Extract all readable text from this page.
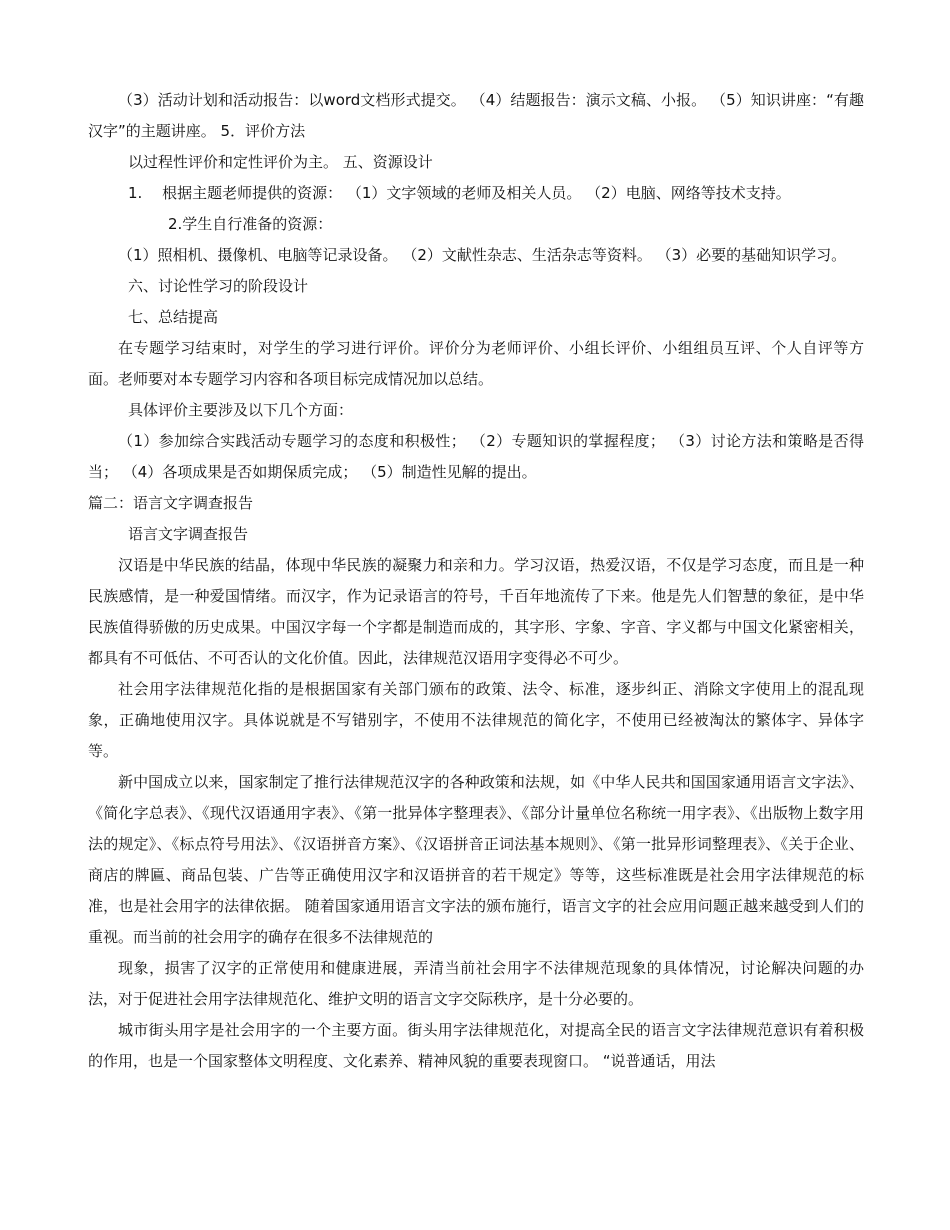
（3）活动计划和活动报告：以word文档形式提交。 （4）结题报告：演示文稿、小报。 （5）知识讲座：“有趣汉字”的主题讲座。 5．评价方法

以过程性评价和定性评价为主。 五、资源设计

1.　 根据主题老师提供的资源： （1）文字领域的老师及相关人员。 （2）电脑、网络等技术支持。

2.学生自行准备的资源：

（1）照相机、摄像机、电脑等记录设备。 （2）文献性杂志、生活杂志等资料。 （3）必要的基础知识学习。

六、讨论性学习的阶段设计

七、总结提高

在专题学习结束时，对学生的学习进行评价。评价分为老师评价、小组长评价、小组组员互评、个人自评等方面。老师要对本专题学习内容和各项目标完成情况加以总结。

具体评价主要涉及以下几个方面：

（1）参加综合实践活动专题学习的态度和积极性； （2）专题知识的掌握程度； （3）讨论方法和策略是否得当； （4）各项成果是否如期保质完成； （5）制造性见解的提出。

篇二：语言文字调查报告

语言文字调查报告

汉语是中华民族的结晶，体现中华民族的凝聚力和亲和力。学习汉语，热爱汉语，不仅是学习态度，而且是一种民族感情，是一种爱国情绪。而汉字，作为记录语言的符号，千百年地流传了下来。他是先人们智慧的象征，是中华民族值得骄傲的历史成果。中国汉字每一个字都是制造而成的，其字形、字象、字音、字义都与中国文化紧密相关，都具有不可低估、不可否认的文化价值。因此，法律规范汉语用字变得必不可少。

社会用字法律规范化指的是根据国家有关部门颁布的政策、法令、标准，逐步纠正、消除文字使用上的混乱现象，正确地使用汉字。具体说就是不写错别字，不使用不法律规范的简化字，不使用已经被淘汰的繁体字、异体字等。

新中国成立以来，国家制定了推行法律规范汉字的各种政策和法规，如《中华人民共和国国家通用语言文字法》、《简化字总表》、《现代汉语通用字表》、《第一批异体字整理表》、《部分计量单位名称统一用字表》、《出版物上数字用法的规定》、《标点符号用法》、《汉语拼音方案》、《汉语拼音正词法基本规则》、《第一批异形词整理表》、《关于企业、商店的牌匾、商品包装、广告等正确使用汉字和汉语拼音的若干规定》等等，这些标准既是社会用字法律规范的标准，也是社会用字的法律依据。 随着国家通用语言文字法的颁布施行，语言文字的社会应用问题正越来越受到人们的重视。而当前的社会用字的确存在很多不法律规范的

现象，损害了汉字的正常使用和健康进展，弄清当前社会用字不法律规范现象的具体情况，讨论解决问题的办法，对于促进社会用字法律规范化、维护文明的语言文字交际秩序，是十分必要的。

城市街头用字是社会用字的一个主要方面。街头用字法律规范化，对提高全民的语言文字法律规范意识有着积极的作用，也是一个国家整体文明程度、文化素养、精神风貌的重要表现窗口。 “说普通话，用法
